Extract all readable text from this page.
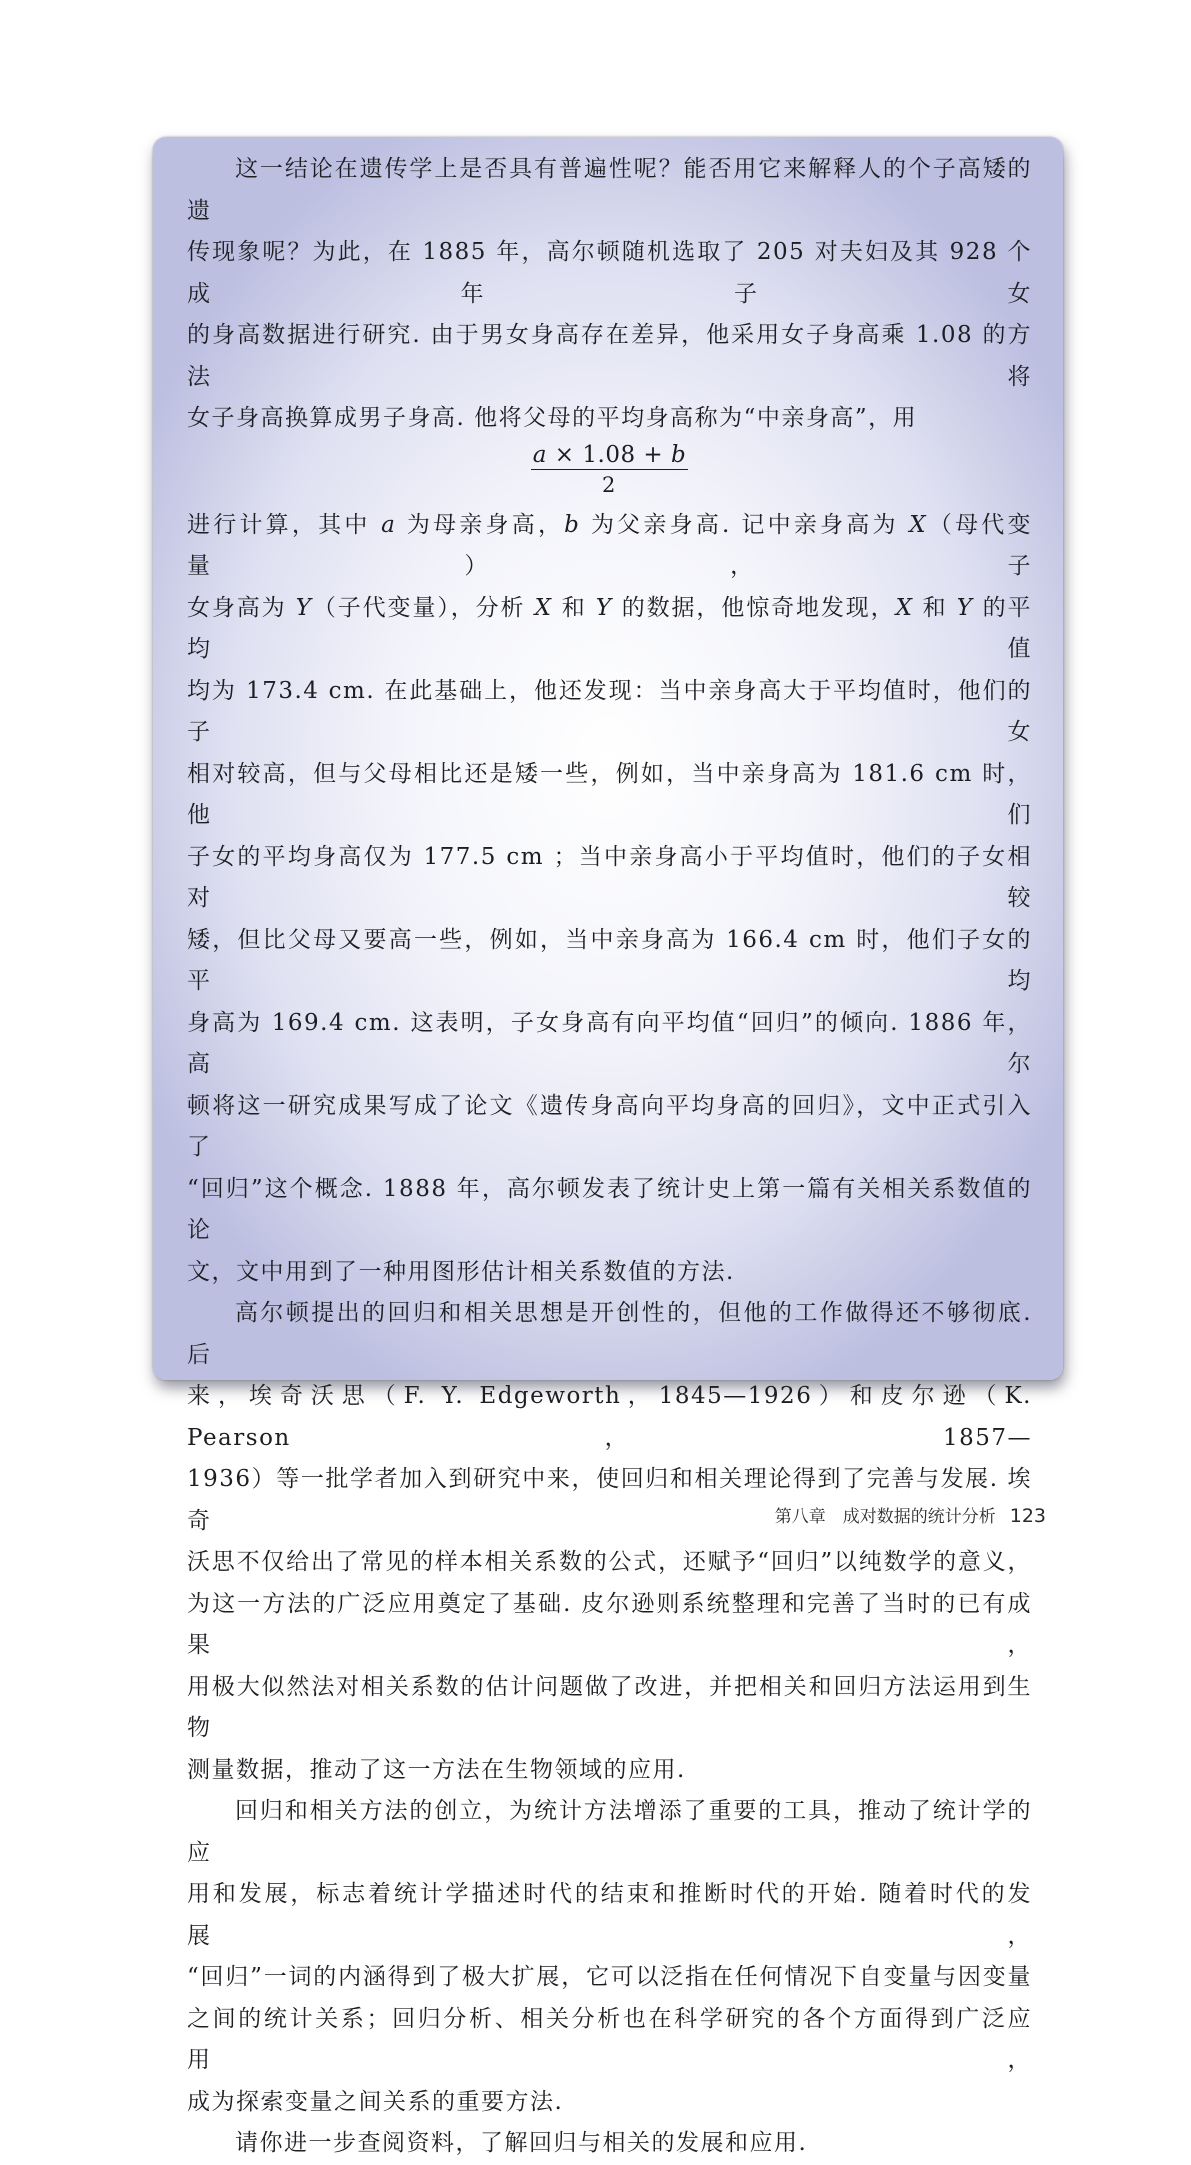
这一结论在遗传学上是否具有普遍性呢？能否用它来解释人的个子高矮的遗

传现象呢？为此，在 1885 年，高尔顿随机选取了 205 对夫妇及其 928 个成年子女

的身高数据进行研究. 由于男女身高存在差异，他采用女子身高乘 1.08 的方法将

女子身高换算成男子身高. 他将父母的平均身高称为“中亲身高”，用

$\frac{a \times 1.08 + b}{2}$

进行计算，其中 a 为母亲身高，b 为父亲身高. 记中亲身高为 X（母代变量），子

女身高为 Y（子代变量），分析 X 和 Y 的数据，他惊奇地发现，X 和 Y 的平均值

均为 173.4 cm. 在此基础上，他还发现：当中亲身高大于平均值时，他们的子女

相对较高，但与父母相比还是矮一些，例如，当中亲身高为 181.6 cm 时，他们

子女的平均身高仅为 177.5 cm ；当中亲身高小于平均值时，他们的子女相对较

矮，但比父母又要高一些，例如，当中亲身高为 166.4 cm 时，他们子女的平均

身高为 169.4 cm. 这表明，子女身高有向平均值“回归”的倾向. 1886 年，高尔

顿将这一研究成果写成了论文《遗传身高向平均身高的回归》，文中正式引入了

“回归”这个概念. 1888 年，高尔顿发表了统计史上第一篇有关相关系数值的论

文，文中用到了一种用图形估计相关系数值的方法.

高尔顿提出的回归和相关思想是开创性的，但他的工作做得还不够彻底. 后

来，埃奇沃思（F. Y. Edgeworth，1845—1926）和皮尔逊（K. Pearson，1857—

1936）等一批学者加入到研究中来，使回归和相关理论得到了完善与发展. 埃奇

沃思不仅给出了常见的样本相关系数的公式，还赋予“回归”以纯数学的意义，

为这一方法的广泛应用奠定了基础. 皮尔逊则系统整理和完善了当时的已有成果，

用极大似然法对相关系数的估计问题做了改进，并把相关和回归方法运用到生物

测量数据，推动了这一方法在生物领域的应用.

回归和相关方法的创立，为统计方法增添了重要的工具，推动了统计学的应

用和发展，标志着统计学描述时代的结束和推断时代的开始. 随着时代的发展，

“回归”一词的内涵得到了极大扩展，它可以泛指在任何情况下自变量与因变量

之间的统计关系；回归分析、相关分析也在科学研究的各个方面得到广泛应用，

成为探索变量之间关系的重要方法.

请你进一步查阅资料，了解回归与相关的发展和应用.

第八章　成对数据的统计分析 123
